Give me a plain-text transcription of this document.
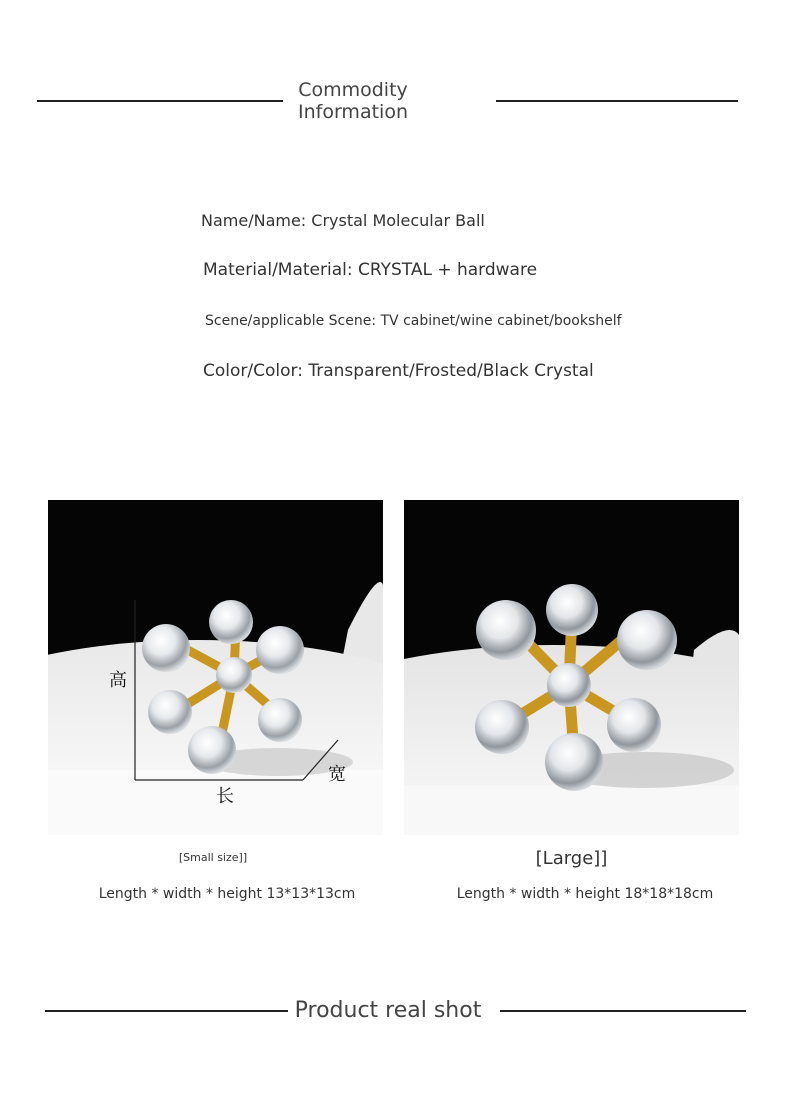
Commodity
Information
Name/Name: Crystal Molecular Ball
Material/Material: CRYSTAL + hardware
Scene/applicable Scene: TV cabinet/wine cabinet/bookshelf
Color/Color: Transparent/Frosted/Black Crystal
高
长
宽
[Small size]]
Length * width * height 13*13*13cm
[Large]]
Length * width * height 18*18*18cm
Product real shot
